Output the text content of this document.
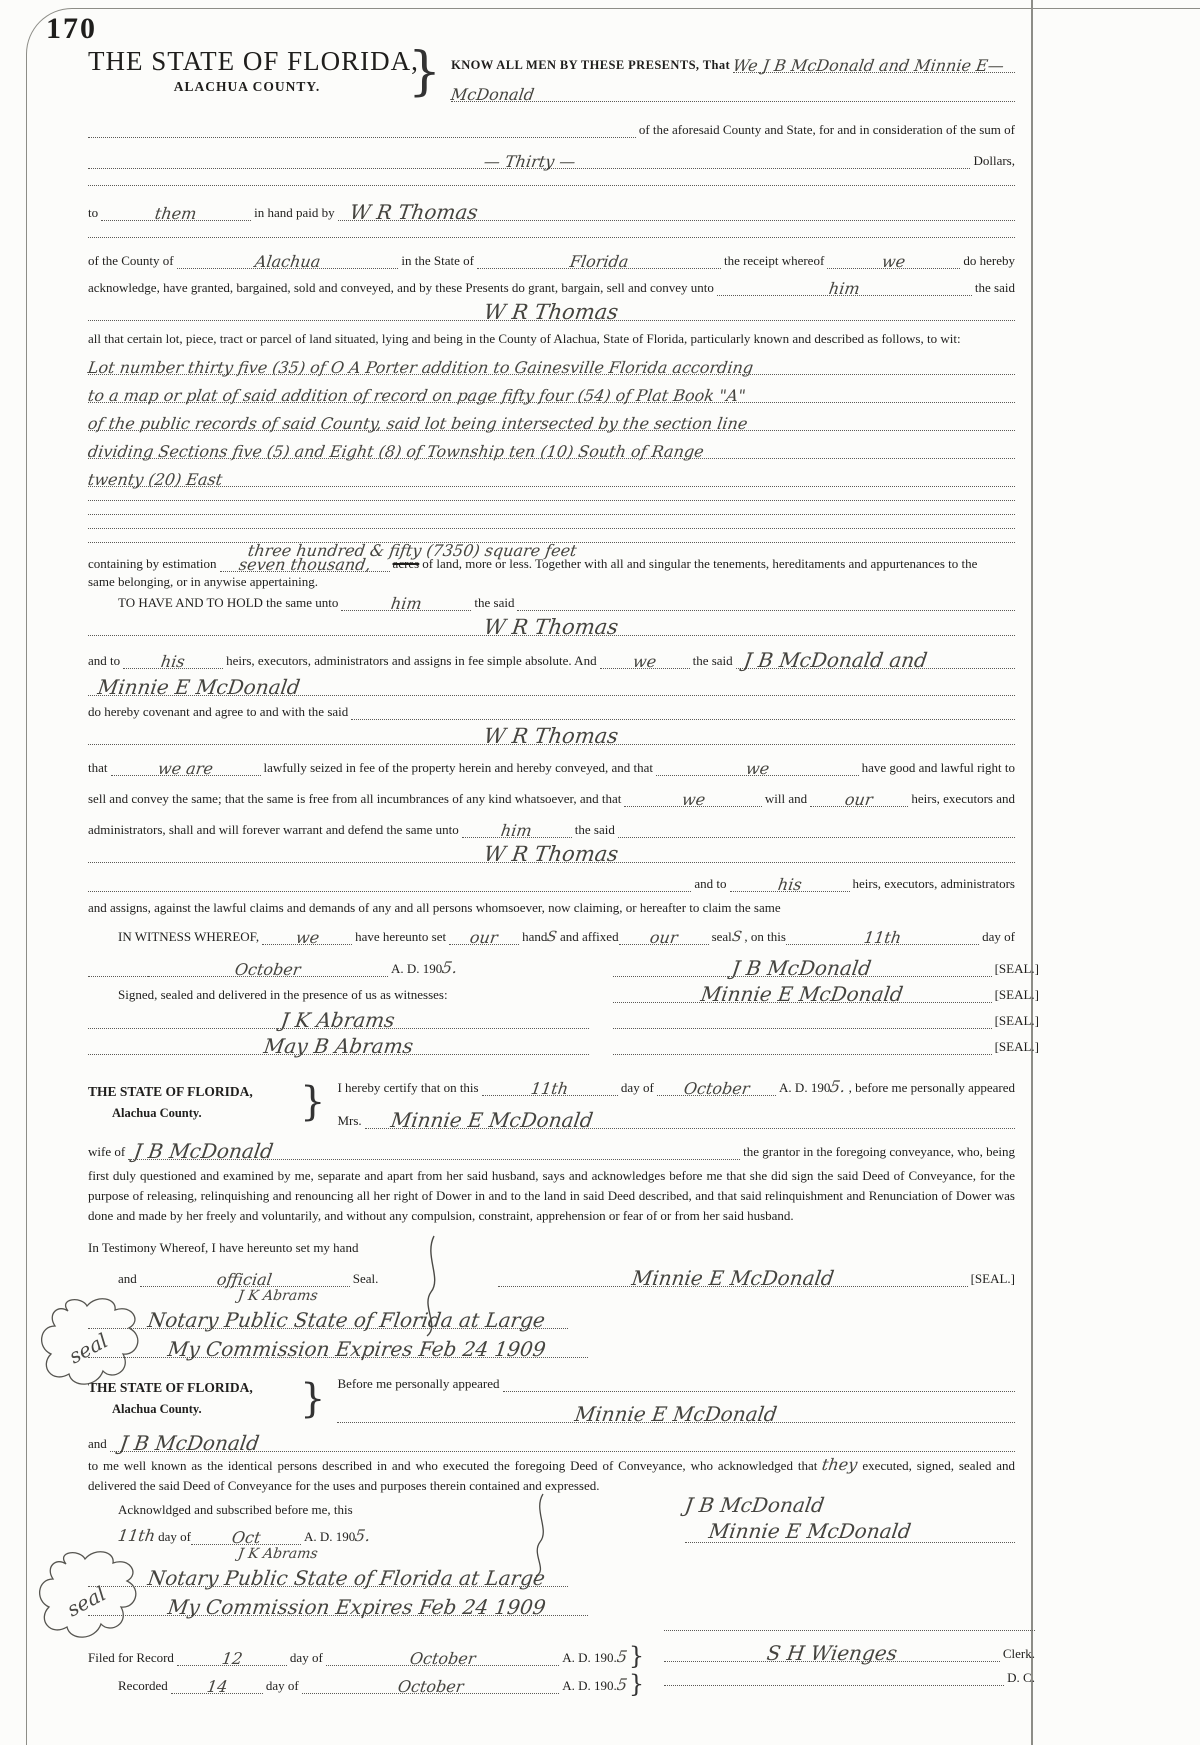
170
THE STATE OF FLORIDA,
ALACHUA COUNTY.	} KNOW ALL MEN BY THESE PRESENTS, That We J B McDonald and Minnie E—
McDonald
of the aforesaid County and State, for and in consideration of the sum of
— Thirty —	Dollars,
to	them	in hand paid by W R Thomas
of the County of	Alachua	in the State of	Florida	the receipt whereof	we	do hereby
acknowledge, have granted, bargained, sold and conveyed, and by these Presents do grant, bargain, sell and convey unto	him	the said
W R Thomas
all that certain lot, piece, tract or parcel of land situated, lying and being in the County of Alachua, State of Florida, particularly known and described as follows, to wit:
Lot number thirty five (35) of O A Porter addition to Gainesville Florida according
to a map or plat of said addition of record on page fifty four (54) of Plat Book "A"
of the public records of said County, said lot being intersected by the section line
dividing Sections five (5) and Eight (8) of Township ten (10) South of Range
twenty (20) East
three hundred & fifty (7350) square feet
containing by estimation	seven thousand,	acres of land, more or less. Together with all and singular the tenements, hereditaments and appurtenances to the
same belonging, or in anywise appertaining.
TO HAVE AND TO HOLD the same unto	him	the said
W R Thomas
and to	his	heirs, executors, administrators and assigns in fee simple absolute. And	we	the said J B McDonald and
Minnie E McDonald
do hereby covenant and agree to and with the said
W R Thomas
that	we are	lawfully seized in fee of the property herein and hereby conveyed, and that	we	have good and lawful right to
sell and convey the same; that the same is free from all incumbrances of any kind whatsoever, and that	we	will and	our	heirs, executors and
administrators, shall and will forever warrant and defend the same unto	him	the said
W R Thomas
and to	his	heirs, executors, administrators
and assigns, against the lawful claims and demands of any and all persons whomsoever, now claiming, or hereafter to claim the same
IN WITNESS WHEREOF,	we	have hereunto set	our	hand
S and affixed	our	seal
S , on this	11th	day of
October	A. D. 190
5.
Signed, sealed and delivered in the presence of us as witnesses:
J K Abrams
May B Abrams
J B McDonald	[SEAL.]
Minnie E McDonald	[SEAL.]
[SEAL.]
[SEAL.]
THE STATE OF FLORIDA,
Alachua County.	} I hereby certify that on this	11th	day of	October	A. D. 190
5. , before me personally appeared
Mrs.	Minnie E McDonald
wife of J B McDonald	the grantor in the foregoing conveyance, who, being
first duly questioned and examined by me, separate and apart from her said husband, says and acknowledges before me that she did sign the said Deed of Conveyance, for the purpose of releasing, relinquishing and renouncing all her right of Dower in and to the land in said Deed described, and that said relinquishment and Renunciation of Dower was done and made by her freely and voluntarily, and without any compulsion, constraint, apprehension or fear of or from her said husband.
In Testimony Whereof, I have hereunto set my hand
and	official	Seal.	Minnie E McDonald	[SEAL.]
seal
J K Abrams
Notary Public State of Florida at Large
My Commission Expires Feb 24 1909
THE STATE OF FLORIDA,
Alachua County.	} Before me personally appeared
Minnie E McDonald
and J B McDonald
to me well known as the identical persons described in and who executed the foregoing Deed of Conveyance, who acknowledged that they executed, signed, sealed and delivered the said Deed of Conveyance for the uses and purposes therein contained and expressed.
J B McDonald
Minnie E McDonald
Acknowldged and subscribed before me, this
11th day of	Oct	A. D. 190
5.
seal
J K Abrams
Notary Public State of Florida at Large
My Commission Expires Feb 24 1909
Filed for Record	12	day of	October	A. D. 190.
5 }
Recorded	14	day of	October	A. D. 190.
5 }
S H Wienges	Clerk.
D. C.
